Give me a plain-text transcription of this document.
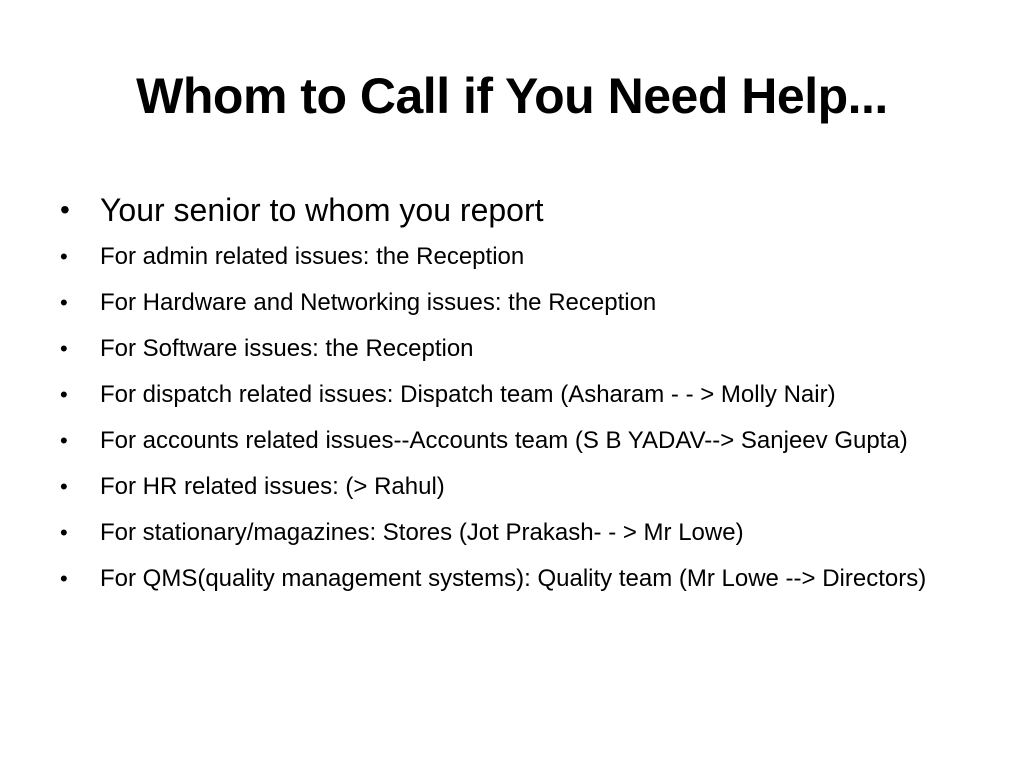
Whom to Call if You Need Help...
• Your senior to whom you report
• For admin related issues: the Reception
• For Hardware and Networking issues: the Reception
• For Software issues: the Reception
• For dispatch related issues: Dispatch team (Asharam - - > Molly Nair)
• For accounts related issues--Accounts team (S B YADAV--> Sanjeev Gupta)
• For HR related issues: (> Rahul)
• For stationary/magazines: Stores (Jot Prakash- - > Mr Lowe)
• For QMS(quality management systems): Quality team (Mr Lowe --> Directors)
